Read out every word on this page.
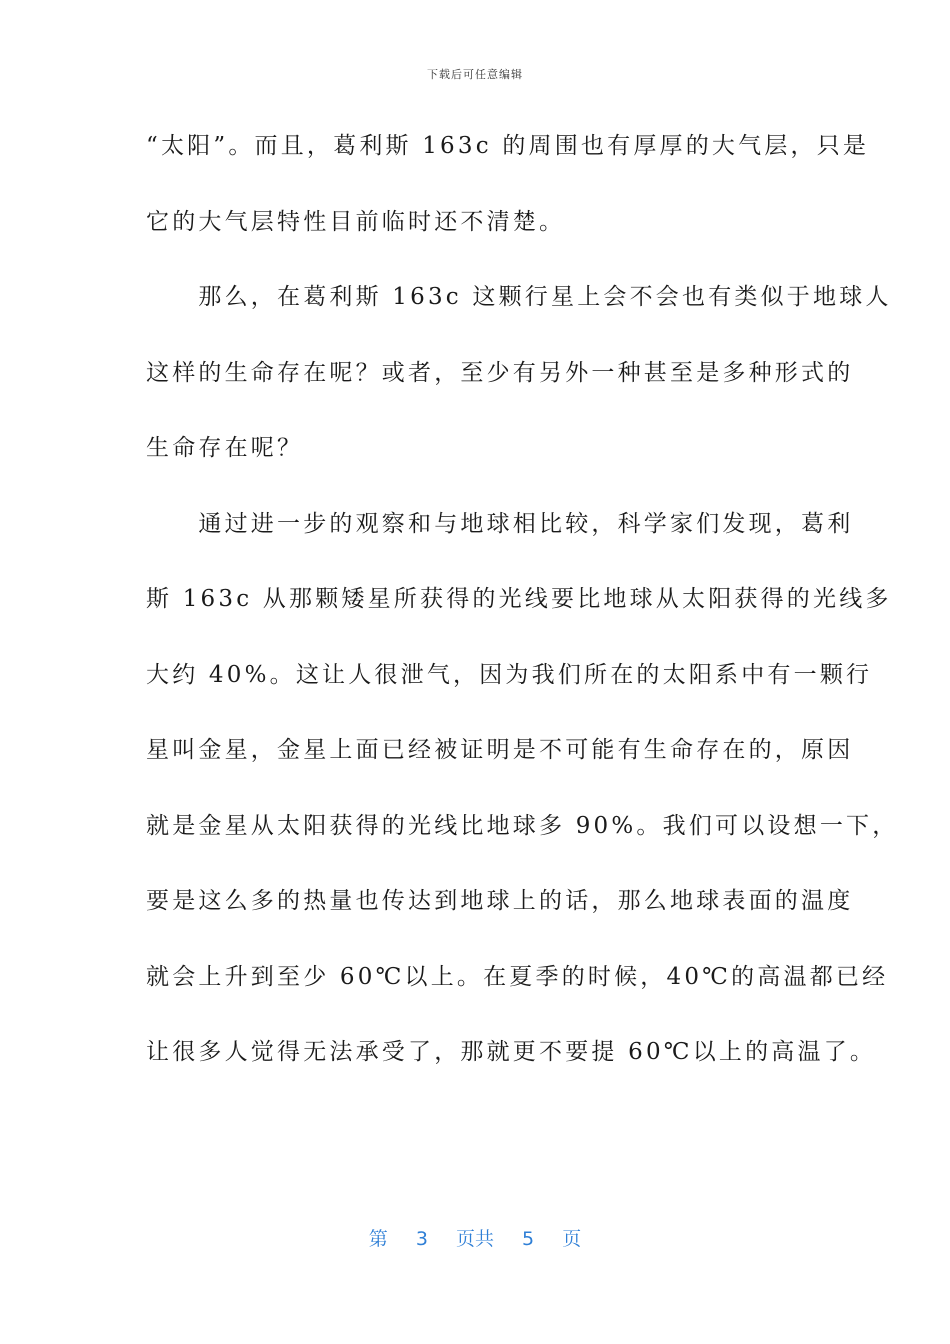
下载后可任意编辑
“太阳”。而且，葛利斯 163c 的周围也有厚厚的大气层，只是
它的大气层特性目前临时还不清楚。
　　那么，在葛利斯 163c 这颗行星上会不会也有类似于地球人
这样的生命存在呢？或者，至少有另外一种甚至是多种形式的
生命存在呢？
　　通过进一步的观察和与地球相比较，科学家们发现，葛利
斯 163c 从那颗矮星所获得的光线要比地球从太阳获得的光线多
大约 40%。这让人很泄气，因为我们所在的太阳系中有一颗行
星叫金星，金星上面已经被证明是不可能有生命存在的，原因
就是金星从太阳获得的光线比地球多 90%。我们可以设想一下，
要是这么多的热量也传达到地球上的话，那么地球表面的温度
就会上升到至少 60℃以上。在夏季的时候，40℃的高温都已经
让很多人觉得无法承受了，那就更不要提 60℃以上的高温了。
第 3 页共 5 页
